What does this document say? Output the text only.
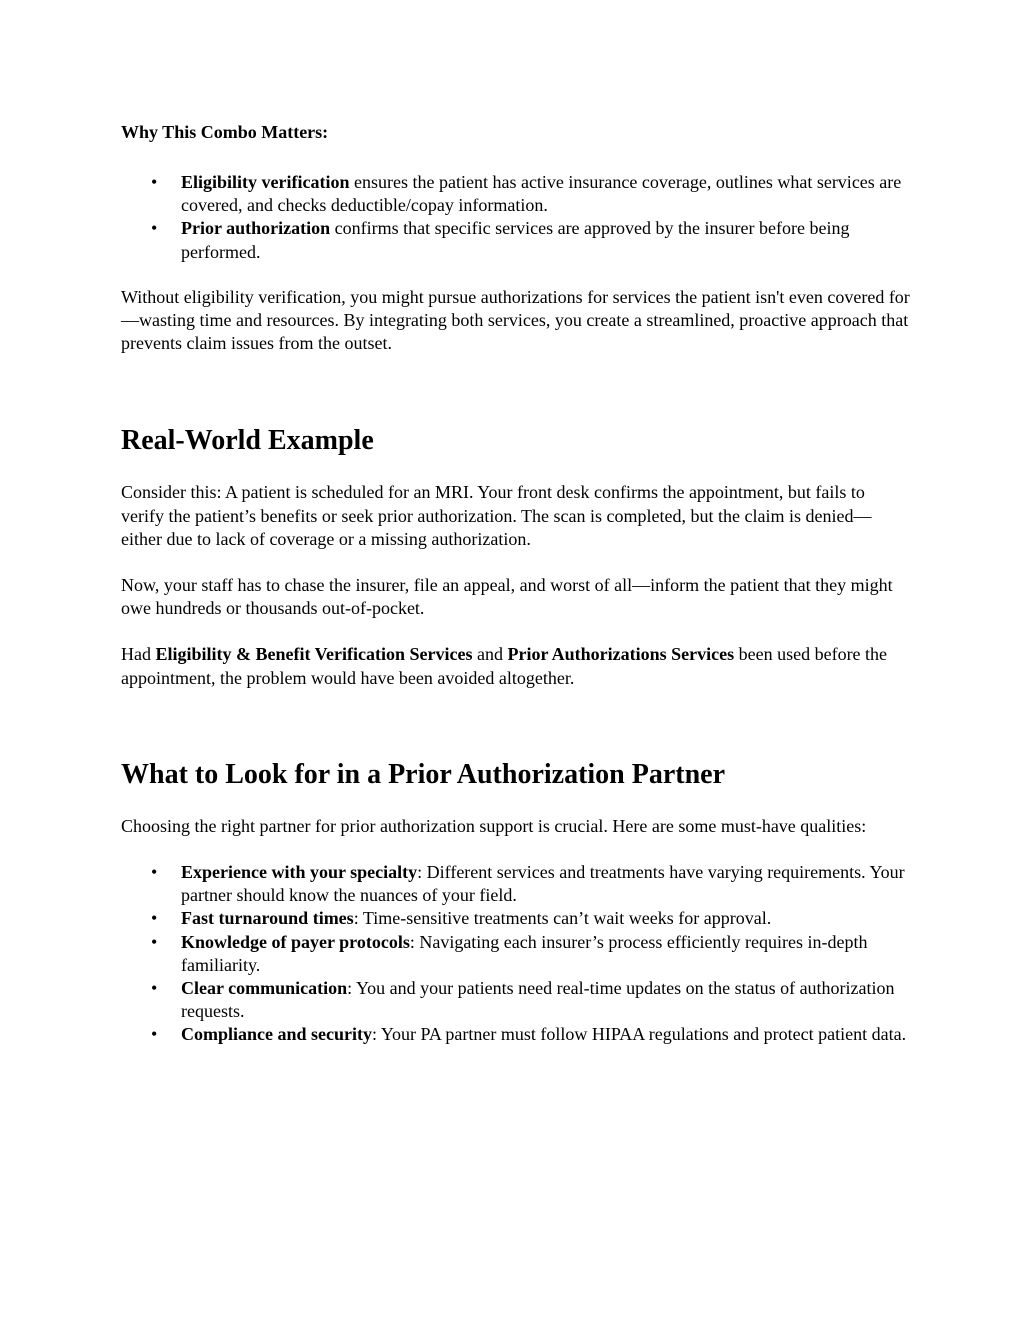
Why This Combo Matters:

• Eligibility verification ensures the patient has active insurance coverage, outlines what services are covered, and checks deductible/copay information.
• Prior authorization confirms that specific services are approved by the insurer before being performed.

Without eligibility verification, you might pursue authorizations for services the patient isn't even covered for—wasting time and resources. By integrating both services, you create a streamlined, proactive approach that prevents claim issues from the outset.

Real-World Example

Consider this: A patient is scheduled for an MRI. Your front desk confirms the appointment, but fails to verify the patient’s benefits or seek prior authorization. The scan is completed, but the claim is denied—either due to lack of coverage or a missing authorization.

Now, your staff has to chase the insurer, file an appeal, and worst of all—inform the patient that they might owe hundreds or thousands out-of-pocket.

Had Eligibility & Benefit Verification Services and Prior Authorizations Services been used before the appointment, the problem would have been avoided altogether.

What to Look for in a Prior Authorization Partner

Choosing the right partner for prior authorization support is crucial. Here are some must-have qualities:

• Experience with your specialty: Different services and treatments have varying requirements. Your partner should know the nuances of your field.
• Fast turnaround times: Time-sensitive treatments can’t wait weeks for approval.
• Knowledge of payer protocols: Navigating each insurer’s process efficiently requires in-depth familiarity.
• Clear communication: You and your patients need real-time updates on the status of authorization requests.
• Compliance and security: Your PA partner must follow HIPAA regulations and protect patient data.
